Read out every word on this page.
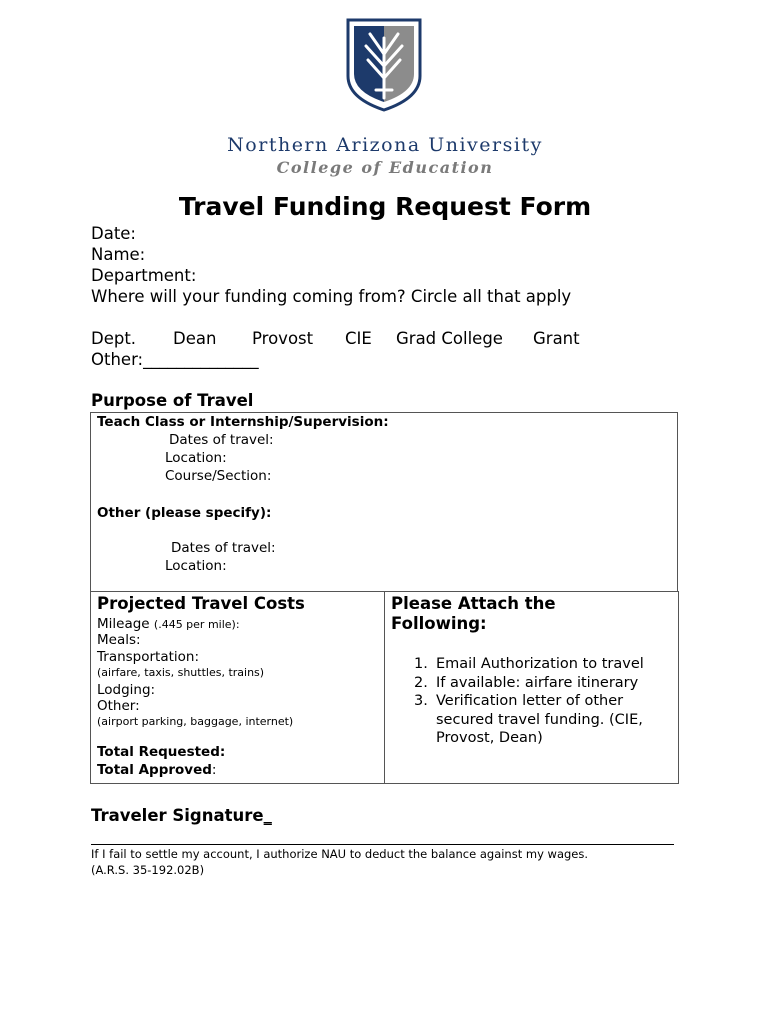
Northern Arizona University
College of Education
Travel Funding Request Form
Date:
Name:
Department:
Where will your funding coming from? Circle all that apply
Dept. Dean Provost CIE Grad College Grant
Other:______________
Purpose of Travel
Teach Class or Internship/Supervision:
Dates of travel:
Location:
Course/Section:
Other (please specify):
Dates of travel:
Location:
Projected Travel Costs
Mileage (.445 per mile):
Meals:
Transportation:
(airfare, taxis, shuttles, trains)
Lodging:
Other:
(airport parking, baggage, internet)
Total Requested:
Total Approved:
Please Attach the
Following:
1. Email Authorization to travel
2. If available: airfare itinerary
3. Verification letter of other
secured travel funding. (CIE,
Provost, Dean)
Traveler Signature_
If I fail to settle my account, I authorize NAU to deduct the balance against my wages.
(A.R.S. 35-192.02B)
